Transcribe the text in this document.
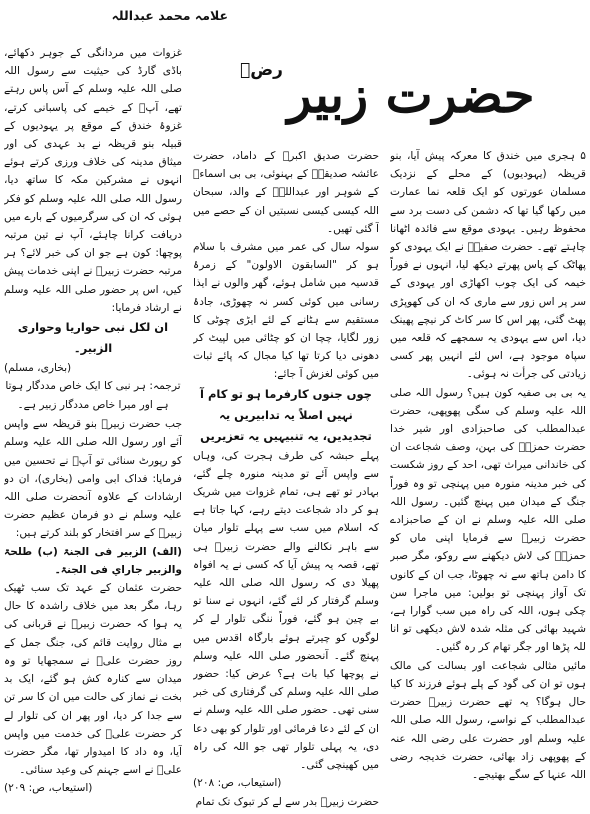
علامہ محمد عبداللہ
حضرت زبیر
رضؓ

۵ ہجری میں خندق کا معرکہ پیش آیا، بنو قریظہ (یہودیوں) کے محلے کے نزدیک مسلمان عورتوں کو ایک قلعہ نما عمارت میں رکھا گیا تھا کہ دشمن کی دست برد سے محفوظ رہیں۔ یہودی موقع سے فائدہ اٹھانا چاہتے تھے۔ حضرت صفیہؓ نے ایک یہودی کو پھاٹک کے پاس پھرتے دیکھ لیا، انہوں نے فوراً خیمہ کی ایک چوب اکھاڑی اور یہودی کے سر پر اس زور سے ماری کہ ان کی کھوپڑی پھٹ گئی، پھر اس کا سر کاٹ کر نیچے پھینک دیا، اس سے یہودی یہ سمجھے کہ قلعہ میں سپاہ موجود ہے، اس لئے انہیں پھر کسی زیادتی کی جرأت نہ ہوئی۔

یہ بی بی صفیہ کون ہیں؟ رسول اللہ صلی اللہ علیہ وسلم کی سگی پھوپھی، حضرت عبدالمطلب کی صاحبزادی اور شیر خدا حضرت حمزہؓ کی بہن، وصف شجاعت ان کی خاندانی میراث تھی، احد کے روز شکست کی خبر مدینہ منورہ میں پہنچی تو وہ فوراً جنگ کے میدان میں پہنچ گئیں۔ رسول اللہ صلی اللہ علیہ وسلم نے ان کے صاحبزادے حضرت زبیرؓ سے فرمایا اپنی ماں کو حمزہؓ کی لاش دیکھنے سے روکو، مگر صبر کا دامن ہاتھ سے نہ چھوٹا، جب ان کے کانوں تک آواز پہنچی تو بولیں: میں ماجرا سن چکی ہوں، اللہ کی راہ میں سب گوارا ہے، شہید بھائی کی مثلہ شدہ لاش دیکھی تو انا للہ پڑھا اور جگر تھام کر رہ گئیں۔

مائیں مثالی شجاعت اور بسالت کی مالک ہوں تو ان کی گود کے پلے ہوئے فرزند کا کیا حال ہوگا؟ یہ تھے حضرت زبیرؓ حضرت عبدالمطلب کے نواسے، رسول اللہ صلی اللہ علیہ وسلم اور حضرت علی رضی اللہ عنہ کے پھوپھی زاد بھائی، حضرت خدیجہ رضی اللہ عنہا کے سگے بھتیجے۔

حضرت صدیق اکبرؓ کے داماد، حضرت عائشہ صدیقہؓ کے بہنوئی، بی بی اسماءؓ کے شوہر اور عبداللہؓ کے والد، سبحان اللہ کیسی کیسی نسبتیں ان کے حصے میں آ گئی تھیں۔

سولہ سال کی عمر میں مشرف با سلام ہو کر "السابقون الاولون" کے زمرۂ قدسیہ میں شامل ہوئے، گھر والوں نے ایذا رسانی میں کوئی کسر نہ چھوڑی، جادۂ مستقیم سے ہٹانے کے لئے ایڑی چوٹی کا زور لگایا، چچا ان کو چٹائی میں لپیٹ کر دھونی دیا کرتا تھا کیا مجال کہ پائے ثبات میں کوئی لغزش آ جائے:

چوں جنوں کارفرما ہو تو کام آ نہیں اصلاً یہ تدابیریں یہ تجدیدیں، یہ تنبیہیں یہ تعزیریں

پہلے حبشہ کی طرف ہجرت کی، وہاں سے واپس آئے تو مدینہ منورہ چلے گئے، بہادر تو تھے ہی، تمام غزوات میں شریک ہو کر داد شجاعت دیتے رہے، کہا جاتا ہے کہ اسلام میں سب سے پہلے تلوار میان سے باہر نکالنے والے حضرت زبیرؓ ہی تھے، قصہ یہ پیش آیا کہ کسی نے یہ افواہ پھیلا دی کہ رسول اللہ صلی اللہ علیہ وسلم گرفتار کر لئے گئے، انہوں نے سنا تو بے چین ہو گئے، فوراً ننگی تلوار لے کر لوگوں کو چیرتے ہوئے بارگاہ اقدس میں پہنچ گئے۔ آنحضور صلی اللہ علیہ وسلم نے پوچھا کیا بات ہے؟ عرض کیا: حضور صلی اللہ علیہ وسلم کی گرفتاری کی خبر سنی تھی۔ حضور صلی اللہ علیہ وسلم نے ان کے لئے دعا فرمائی اور تلوار کو بھی دعا دی، یہ پہلی تلوار تھی جو اللہ کی راہ میں کھینچی گئی۔

(استیعاب، ص: ۲۰۸)

حضرت زبیرؓ بدر سے لے کر تبوک تک تمام

غزوات میں مردانگی کے جوہر دکھائے، باڈی گارڈ کی حیثیت سے رسول اللہ صلی اللہ علیہ وسلم کے آس پاس رہتے تھے، آپؐ کے خیمے کی پاسبانی کرتے، غزوۂ خندق کے موقع پر یہودیوں کے قبیلہ بنو قریظہ نے بد عہدی کی اور میثاق مدینہ کی خلاف ورزی کرتے ہوئے انہوں نے مشرکین مکہ کا ساتھ دیا، رسول اللہ صلی اللہ علیہ وسلم کو فکر ہوئی کہ ان کی سرگرمیوں کے بارے میں دریافت کرانا چاہئے، آپ نے تین مرتبہ پوچھا: کون ہے جو ان کی خبر لائے؟ ہر مرتبہ حضرت زبیرؓ نے اپنی خدمات پیش کیں، اس پر حضور صلی اللہ علیہ وسلم نے ارشاد فرمایا:

ان لکل نبی حواریا وحواری

الزبیر۔

(بخاری، مسلم)

ترجمہ: ہر نبی کا ایک خاص مددگار ہوتا ہے اور میرا خاص مددگار زبیر ہے۔

جب حضرت زبیرؓ بنو قریظہ سے واپس آئے اور رسول اللہ صلی اللہ علیہ وسلم کو رپورٹ سنائی تو آپؐ نے تحسین میں فرمایا: فداک ابی وامی (بخاری)، ان دو ارشادات کے علاوہ آنحضرت صلی اللہ علیہ وسلم نے دو فرمان عظیم حضرت زبیرؓ کے سر افتخار کو بلند کرتے ہیں:

(الف) الزبیر فی الجنۃ (ب) طلحۃ والزبیر جاراي فی الجنۃ۔

حضرت عثمان کے عہد تک سب ٹھیک رہا، مگر بعد میں خلاف راشدہ کا حال یہ ہوا کہ حضرت زبیرؓ نے قربانی کی بے مثال روایت قائم کی، جنگ جمل کے روز حضرت علیؓ نے سمجھایا تو وہ میدان سے کنارہ کش ہو گئے، ایک بد بخت نے نماز کی حالت میں ان کا سر تن سے جدا کر دیا، اور پھر ان کی تلوار لے کر حضرت علیؓ کی خدمت میں واپس آیا، وہ داد کا امیدوار تھا، مگر حضرت علیؓ نے اسے جہنم کی وعید سنائی۔

(استیعاب، ص: ۲۰۹)
